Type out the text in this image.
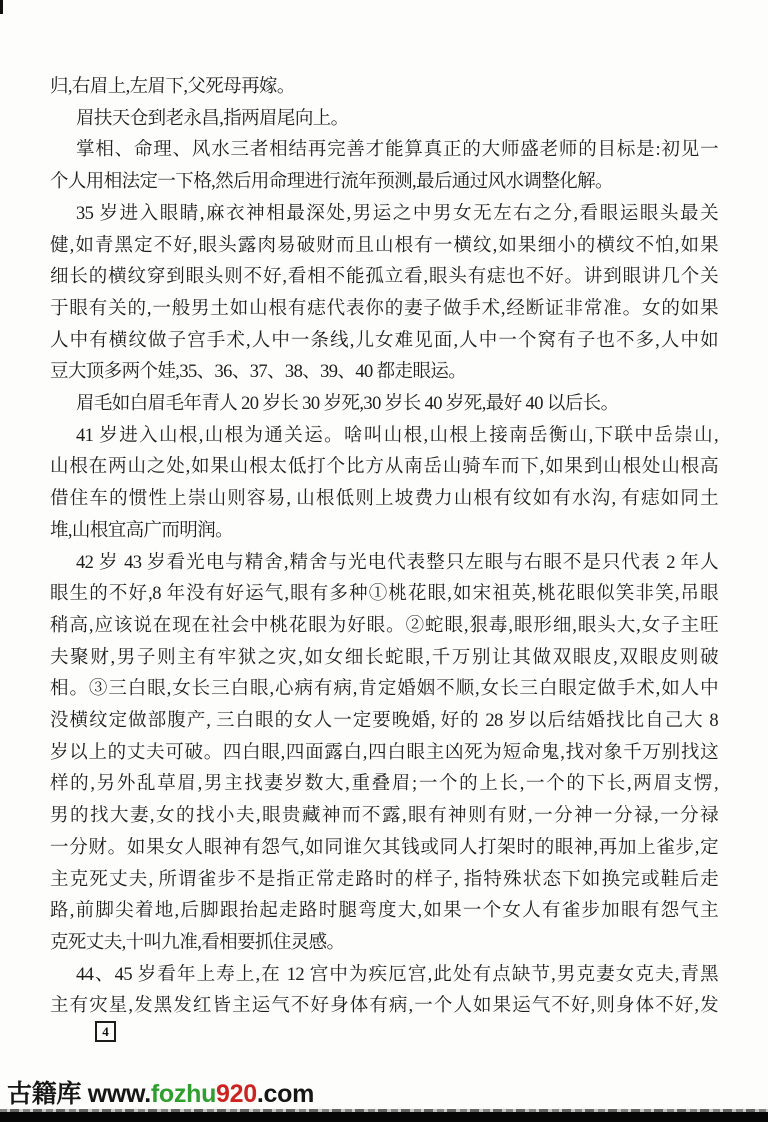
归,右眉上,左眉下,父死母再嫁。
眉扶天仓到老永昌,指两眉尾向上。
掌相、命理、风水三者相结再完善才能算真正的大师盛老师的目标是:初见一
个人用相法定一下格,然后用命理进行流年预测,最后通过风水调整化解。
35 岁进入眼睛,麻衣神相最深处,男运之中男女无左右之分,看眼运眼头最关
健,如青黑定不好,眼头露肉易破财而且山根有一横纹,如果细小的横纹不怕,如果
细长的横纹穿到眼头则不好,看相不能孤立看,眼头有痣也不好。讲到眼讲几个关
于眼有关的,一般男土如山根有痣代表你的妻子做手术,经断证非常准。女的如果
人中有横纹做子宫手术,人中一条线,儿女难见面,人中一个窝有子也不多,人中如
豆大顶多两个娃,35、36、37、38、39、40 都走眼运。
眉毛如白眉毛年青人 20 岁长 30 岁死,30 岁长 40 岁死,最好 40 以后长。
41 岁进入山根,山根为通关运。啥叫山根,山根上接南岳衡山,下联中岳崇山,
山根在两山之处,如果山根太低打个比方从南岳山骑车而下,如果到山根处山根高
借住车的惯性上崇山则容易, 山根低则上坡费力山根有纹如有水沟, 有痣如同土
堆,山根宜高广而明润。
42 岁 43 岁看光电与精舍,精舍与光电代表整只左眼与右眼不是只代表 2 年人
眼生的不好,8 年没有好运气,眼有多种①桃花眼,如宋祖英,桃花眼似笑非笑,吊眼
稍高,应该说在现在社会中桃花眼为好眼。②蛇眼,狠毒,眼形细,眼头大,女子主旺
夫聚财,男子则主有牢狱之灾,如女细长蛇眼,千万别让其做双眼皮,双眼皮则破
相。③三白眼,女长三白眼,心病有病,肯定婚姻不顺,女长三白眼定做手术,如人中
没横纹定做部腹产, 三白眼的女人一定要晚婚, 好的 28 岁以后结婚找比自己大 8
岁以上的丈夫可破。四白眼,四面露白,四白眼主凶死为短命鬼,找对象千万别找这
样的,另外乱草眉,男主找妻岁数大,重叠眉;一个的上长,一个的下长,两眉支愣,
男的找大妻,女的找小夫,眼贵藏神而不露,眼有神则有财,一分神一分禄,一分禄
一分财。如果女人眼神有怨气,如同谁欠其钱或同人打架时的眼神,再加上雀步,定
主克死丈夫, 所谓雀步不是指正常走路时的样子, 指特殊状态下如换完或鞋后走
路,前脚尖着地,后脚跟抬起走路时腿弯度大,如果一个女人有雀步加眼有怨气主
克死丈夫,十叫九准,看相要抓住灵感。
44、45 岁看年上寿上,在 12 宫中为疾厄宫,此处有点缺节,男克妻女克夫,青黑
主有灾星,发黑发红皆主运气不好身体有病,一个人如果运气不好,则身体不好,发
4
古籍库 www.fozhu920.com
